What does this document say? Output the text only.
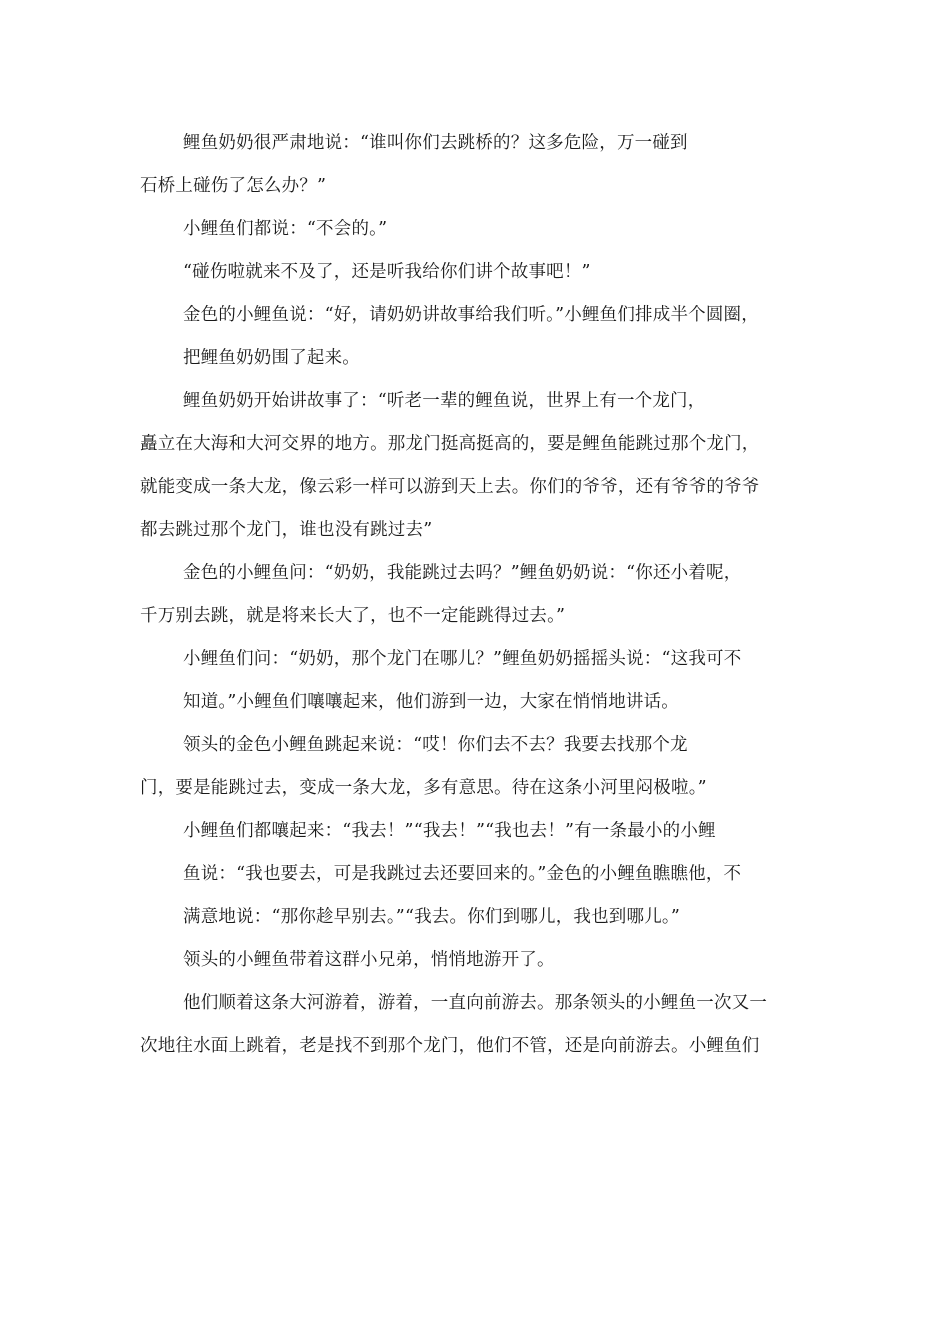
鲤鱼奶奶很严肃地说：“谁叫你们去跳桥的？这多危险，万一碰到
石桥上碰伤了怎么办？”
小鲤鱼们都说：“不会的。”
“碰伤啦就来不及了，还是听我给你们讲个故事吧！”
金色的小鲤鱼说：“好，请奶奶讲故事给我们听。”小鲤鱼们排成半个圆圈，
把鲤鱼奶奶围了起来。
鲤鱼奶奶开始讲故事了：“听老一辈的鲤鱼说，世界上有一个龙门，
矗立在大海和大河交界的地方。那龙门挺高挺高的，要是鲤鱼能跳过那个龙门，
就能变成一条大龙，像云彩一样可以游到天上去。你们的爷爷，还有爷爷的爷爷
都去跳过那个龙门，谁也没有跳过去”
金色的小鲤鱼问：“奶奶，我能跳过去吗？”鲤鱼奶奶说：“你还小着呢，
千万别去跳，就是将来长大了，也不一定能跳得过去。”
小鲤鱼们问：“奶奶，那个龙门在哪儿？”鲤鱼奶奶摇摇头说：“这我可不
知道。”小鲤鱼们嚷嚷起来，他们游到一边，大家在悄悄地讲话。
领头的金色小鲤鱼跳起来说：“哎！你们去不去？我要去找那个龙
门，要是能跳过去，变成一条大龙，多有意思。待在这条小河里闷极啦。”
小鲤鱼们都嚷起来：“我去！”“我去！”“我也去！”有一条最小的小鲤
鱼说：“我也要去，可是我跳过去还要回来的。”金色的小鲤鱼瞧瞧他，不
满意地说：“那你趁早别去。”“我去。你们到哪儿，我也到哪儿。”
领头的小鲤鱼带着这群小兄弟，悄悄地游开了。
他们顺着这条大河游着，游着，一直向前游去。那条领头的小鲤鱼一次又一
次地往水面上跳着，老是找不到那个龙门，他们不管，还是向前游去。小鲤鱼们
